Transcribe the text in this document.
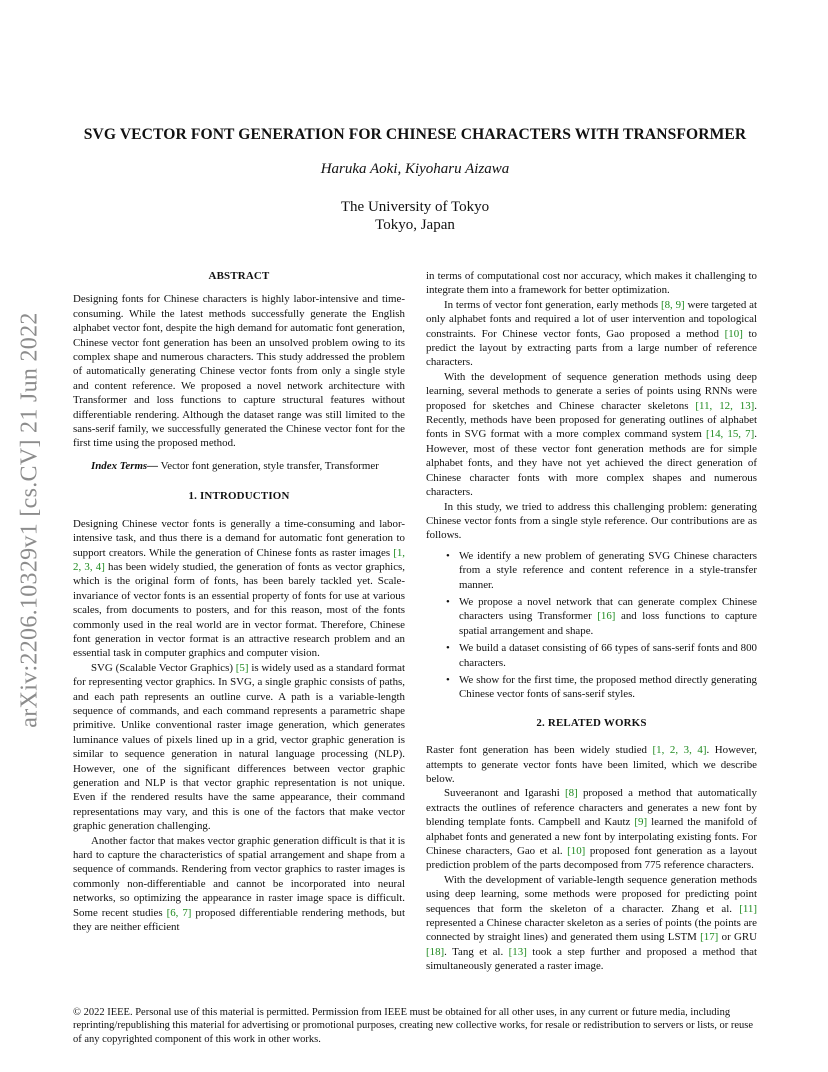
arXiv:2206.10329v1 [cs.CV] 21 Jun 2022
SVG VECTOR FONT GENERATION FOR CHINESE CHARACTERS WITH TRANSFORMER
Haruka Aoki, Kiyoharu Aizawa
The University of Tokyo
Tokyo, Japan
ABSTRACT

Designing fonts for Chinese characters is highly labor-intensive and time-consuming. While the latest methods successfully generate the English alphabet vector font, despite the high demand for automatic font generation, Chinese vector font generation has been an unsolved problem owing to its complex shape and numerous characters. This study addressed the problem of automatically generating Chinese vector fonts from only a single style and content reference. We proposed a novel network architecture with Transformer and loss functions to capture structural features without differentiable rendering. Although the dataset range was still limited to the sans-serif family, we successfully generated the Chinese vector font for the first time using the proposed method.

Index Terms— Vector font generation, style transfer, Transformer

1. INTRODUCTION

Designing Chinese vector fonts is generally a time-consuming and labor-intensive task, and thus there is a demand for automatic font generation to support creators. While the generation of Chinese fonts as raster images [1, 2, 3, 4] has been widely studied, the generation of fonts as vector graphics, which is the original form of fonts, has been barely tackled yet. Scale-invariance of vector fonts is an essential property of fonts for use at various scales, from documents to posters, and for this reason, most of the fonts commonly used in the real world are in vector format. Therefore, Chinese font generation in vector format is an attractive research problem and an essential task in computer graphics and computer vision.

SVG (Scalable Vector Graphics) [5] is widely used as a standard format for representing vector graphics. In SVG, a single graphic consists of paths, and each path represents an outline curve. A path is a variable-length sequence of commands, and each command represents a parametric shape primitive. Unlike conventional raster image generation, which generates luminance values of pixels lined up in a grid, vector graphic generation is similar to sequence generation in natural language processing (NLP). However, one of the significant differences between vector graphic generation and NLP is that vector graphic representation is not unique. Even if the rendered results have the same appearance, their command representations may vary, and this is one of the factors that make vector graphic generation challenging.

Another factor that makes vector graphic generation difficult is that it is hard to capture the characteristics of spatial arrangement and shape from a sequence of commands. Rendering from vector graphics to raster images is commonly non-differentiable and cannot be incorporated into neural networks, so optimizing the appearance in raster image space is difficult. Some recent studies [6, 7] proposed differentiable rendering methods, but they are neither efficient

in terms of computational cost nor accuracy, which makes it challenging to integrate them into a framework for better optimization.

In terms of vector font generation, early methods [8, 9] were targeted at only alphabet fonts and required a lot of user intervention and topological constraints. For Chinese vector fonts, Gao proposed a method [10] to predict the layout by extracting parts from a large number of reference characters.

With the development of sequence generation methods using deep learning, several methods to generate a series of points using RNNs were proposed for sketches and Chinese character skeletons [11, 12, 13]. Recently, methods have been proposed for generating outlines of alphabet fonts in SVG format with a more complex command system [14, 15, 7]. However, most of these vector font generation methods are for simple alphabet fonts, and they have not yet achieved the direct generation of Chinese character fonts with more complex shapes and numerous characters.

In this study, we tried to address this challenging problem: generating Chinese vector fonts from a single style reference. Our contributions are as follows.

• We identify a new problem of generating SVG Chinese characters from a style reference and content reference in a style-transfer manner.
• We propose a novel network that can generate complex Chinese characters using Transformer [16] and loss functions to capture spatial arrangement and shape.
• We build a dataset consisting of 66 types of sans-serif fonts and 800 characters.
• We show for the first time, the proposed method directly generating Chinese vector fonts of sans-serif styles.
2. RELATED WORKS

Raster font generation has been widely studied [1, 2, 3, 4]. However, attempts to generate vector fonts have been limited, which we describe below.

Suveeranont and Igarashi [8] proposed a method that automatically extracts the outlines of reference characters and generates a new font by blending template fonts. Campbell and Kautz [9] learned the manifold of alphabet fonts and generated a new font by interpolating existing fonts. For Chinese characters, Gao et al. [10] proposed font generation as a layout prediction problem of the parts decomposed from 775 reference characters.

With the development of variable-length sequence generation methods using deep learning, some methods were proposed for predicting point sequences that form the skeleton of a character. Zhang et al. [11] represented a Chinese character skeleton as a series of points (the points are connected by straight lines) and generated them using LSTM [17] or GRU [18]. Tang et al. [13] took a step further and proposed a method that simultaneously generated a raster image.

© 2022 IEEE. Personal use of this material is permitted. Permission from IEEE must be obtained for all other uses, in any current or future media, including reprinting/republishing this material for advertising or promotional purposes, creating new collective works, for resale or redistribution to servers or lists, or reuse of any copyrighted component of this work in other works.
